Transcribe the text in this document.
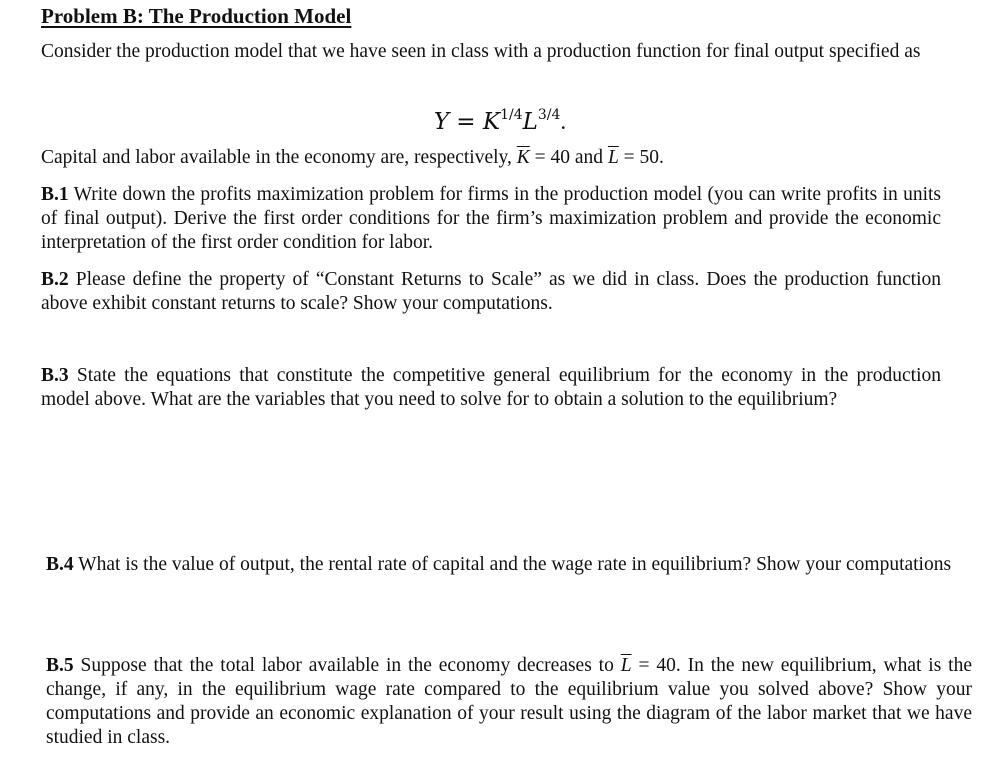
Problem B: The Production Model

Consider the production model that we have seen in class with a production function for final output specified as

$Y = K^{1/4}L^{3/4}$.

Capital and labor available in the economy are, respectively, $\overline{K} = 40$ and $\overline{L} = 50$.

B.1 Write down the profits maximization problem for firms in the production model (you can write profits in units of final output). Derive the first order conditions for the firm’s maximization problem and provide the economic interpretation of the first order condition for labor.

B.2 Please define the property of “Constant Returns to Scale” as we did in class. Does the production function above exhibit constant returns to scale? Show your computations.

B.3 State the equations that constitute the competitive general equilibrium for the economy in the production model above. What are the variables that you need to solve for to obtain a solution to the equilibrium?

B.4 What is the value of output, the rental rate of capital and the wage rate in equilibrium? Show your computations

B.5 Suppose that the total labor available in the economy decreases to $\overline{L} = 40$. In the new equilibrium, what is the change, if any, in the equilibrium wage rate compared to the equilibrium value you solved above? Show your computations and provide an economic explanation of your result using the diagram of the labor market that we have studied in class.
